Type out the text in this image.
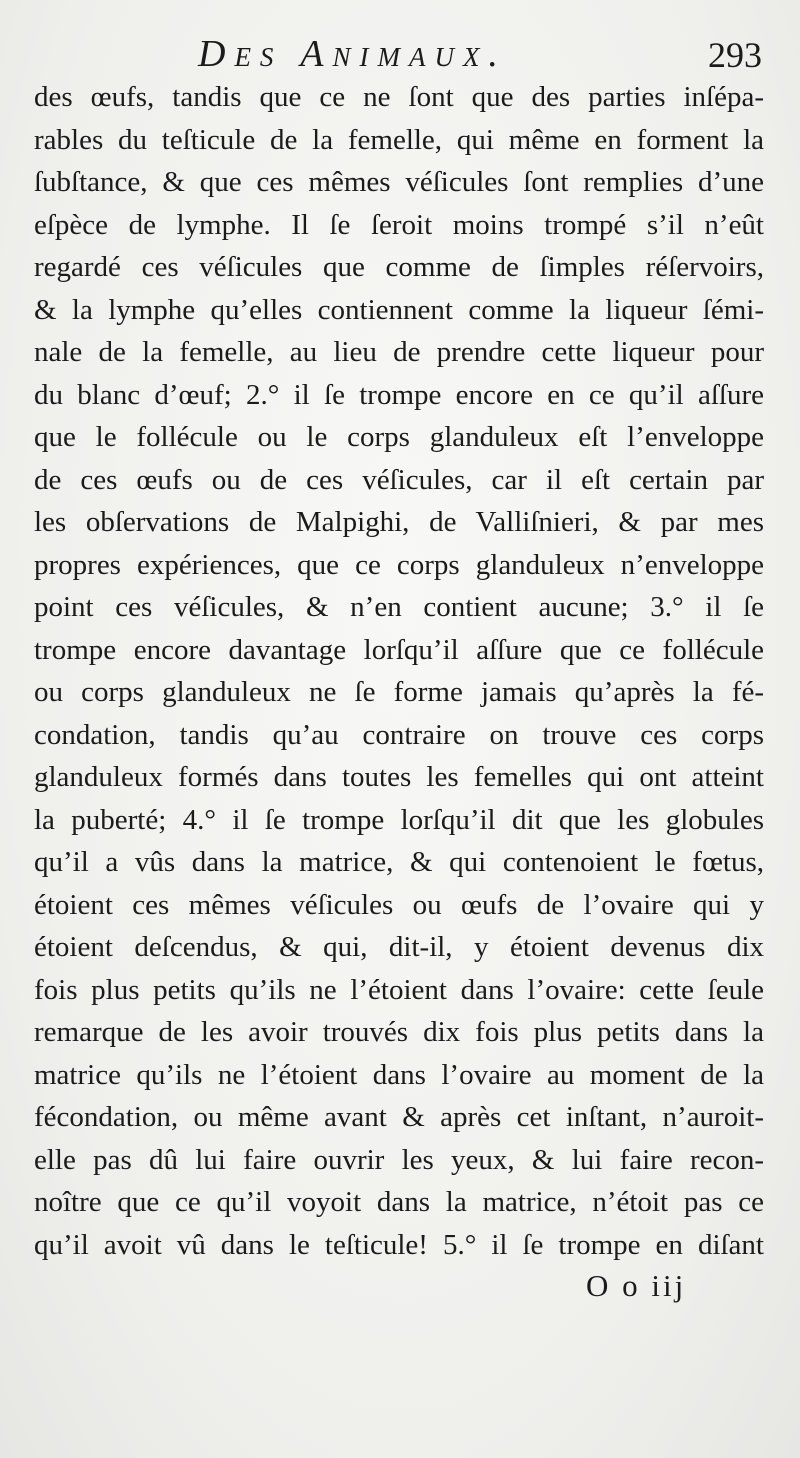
Des Animaux.	293
des œufs, tandis que ce ne ſont que des parties inſépa-
rables du teſticule de la femelle, qui même en forment la
ſubſtance, & que ces mêmes véſicules ſont remplies d’une
eſpèce de lymphe. Il ſe ſeroit moins trompé s’il n’eût
regardé ces véſicules que comme de ſimples réſervoirs,
& la lymphe qu’elles contiennent comme la liqueur ſémi-
nale de la femelle, au lieu de prendre cette liqueur pour
du blanc d’œuf; 2.° il ſe trompe encore en ce qu’il aſſure
que le follécule ou le corps glanduleux eſt l’enveloppe
de ces œufs ou de ces véſicules, car il eſt certain par
les obſervations de Malpighi, de Valliſnieri, & par mes
propres expériences, que ce corps glanduleux n’enveloppe
point ces véſicules, & n’en contient aucune; 3.° il ſe
trompe encore davantage lorſqu’il aſſure que ce follécule
ou corps glanduleux ne ſe forme jamais qu’après la fé-
condation, tandis qu’au contraire on trouve ces corps
glanduleux formés dans toutes les femelles qui ont atteint
la puberté; 4.° il ſe trompe lorſqu’il dit que les globules
qu’il a vûs dans la matrice, & qui contenoient le fœtus,
étoient ces mêmes véſicules ou œufs de l’ovaire qui y
étoient deſcendus, & qui, dit-il, y étoient devenus dix
fois plus petits qu’ils ne l’étoient dans l’ovaire: cette ſeule
remarque de les avoir trouvés dix fois plus petits dans la
matrice qu’ils ne l’étoient dans l’ovaire au moment de la
fécondation, ou même avant & après cet inſtant, n’auroit-
elle pas dû lui faire ouvrir les yeux, & lui faire recon-
noître que ce qu’il voyoit dans la matrice, n’étoit pas ce
qu’il avoit vû dans le teſticule! 5.° il ſe trompe en diſant
O o iij
